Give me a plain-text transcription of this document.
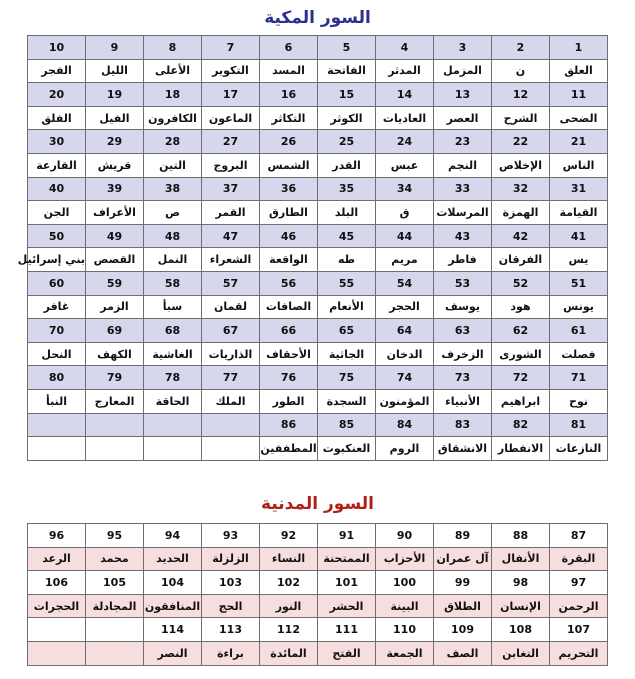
السور المكية
1	2	3	4	5	6	7	8	9	10
العلق	ن	المزمل	المدثر	الفاتحة	المسد	التكوير	الأعلى	الليل	الفجر
11	12	13	14	15	16	17	18	19	20
الضحى	الشرح	العصر	العاديات	الكوثر	التكاثر	الماعون	الكافرون	الفيل	الفلق
21	22	23	24	25	26	27	28	29	30
الناس	الإخلاص	النجم	عبس	القدر	الشمس	البروج	التين	قريش	القارعة
31	32	33	34	35	36	37	38	39	40
القيامة	الهمزة	المرسلات	ق	البلد	الطارق	القمر	ص	الأعراف	الجن
41	42	43	44	45	46	47	48	49	50
يس	الفرقان	فاطر	مريم	طه	الواقعة	الشعراء	النمل	القصص	بني إسرائيل
51	52	53	54	55	56	57	58	59	60
يونس	هود	يوسف	الحجر	الأنعام	الصافات	لقمان	سبأ	الزمر	غافر
61	62	63	64	65	66	67	68	69	70
فصلت	الشورى	الزخرف	الدخان	الجاثية	الأحقاف	الذاريات	الغاشية	الكهف	النحل
71	72	73	74	75	76	77	78	79	80
نوح	ابراهيم	الأنبياء	المؤمنون	السجدة	الطور	الملك	الحاقة	المعارج	النبأ
81	82	83	84	85	86				
النازعات	الانفطار	الانشقاق	الروم	العنكبوت	المطففين				
السور المدنية
87	88	89	90	91	92	93	94	95	96
البقرة	الأنفال	آل عمران	الأحزاب	الممتحنة	النساء	الزلزلة	الحديد	محمد	الرعد
97	98	99	100	101	102	103	104	105	106
الرحمن	الإنسان	الطلاق	البينة	الحشر	النور	الحج	المنافقون	المجادلة	الحجرات
107	108	109	110	111	112	113	114		
التحريم	التغابن	الصف	الجمعة	الفتح	المائدة	براءة	النصر		
